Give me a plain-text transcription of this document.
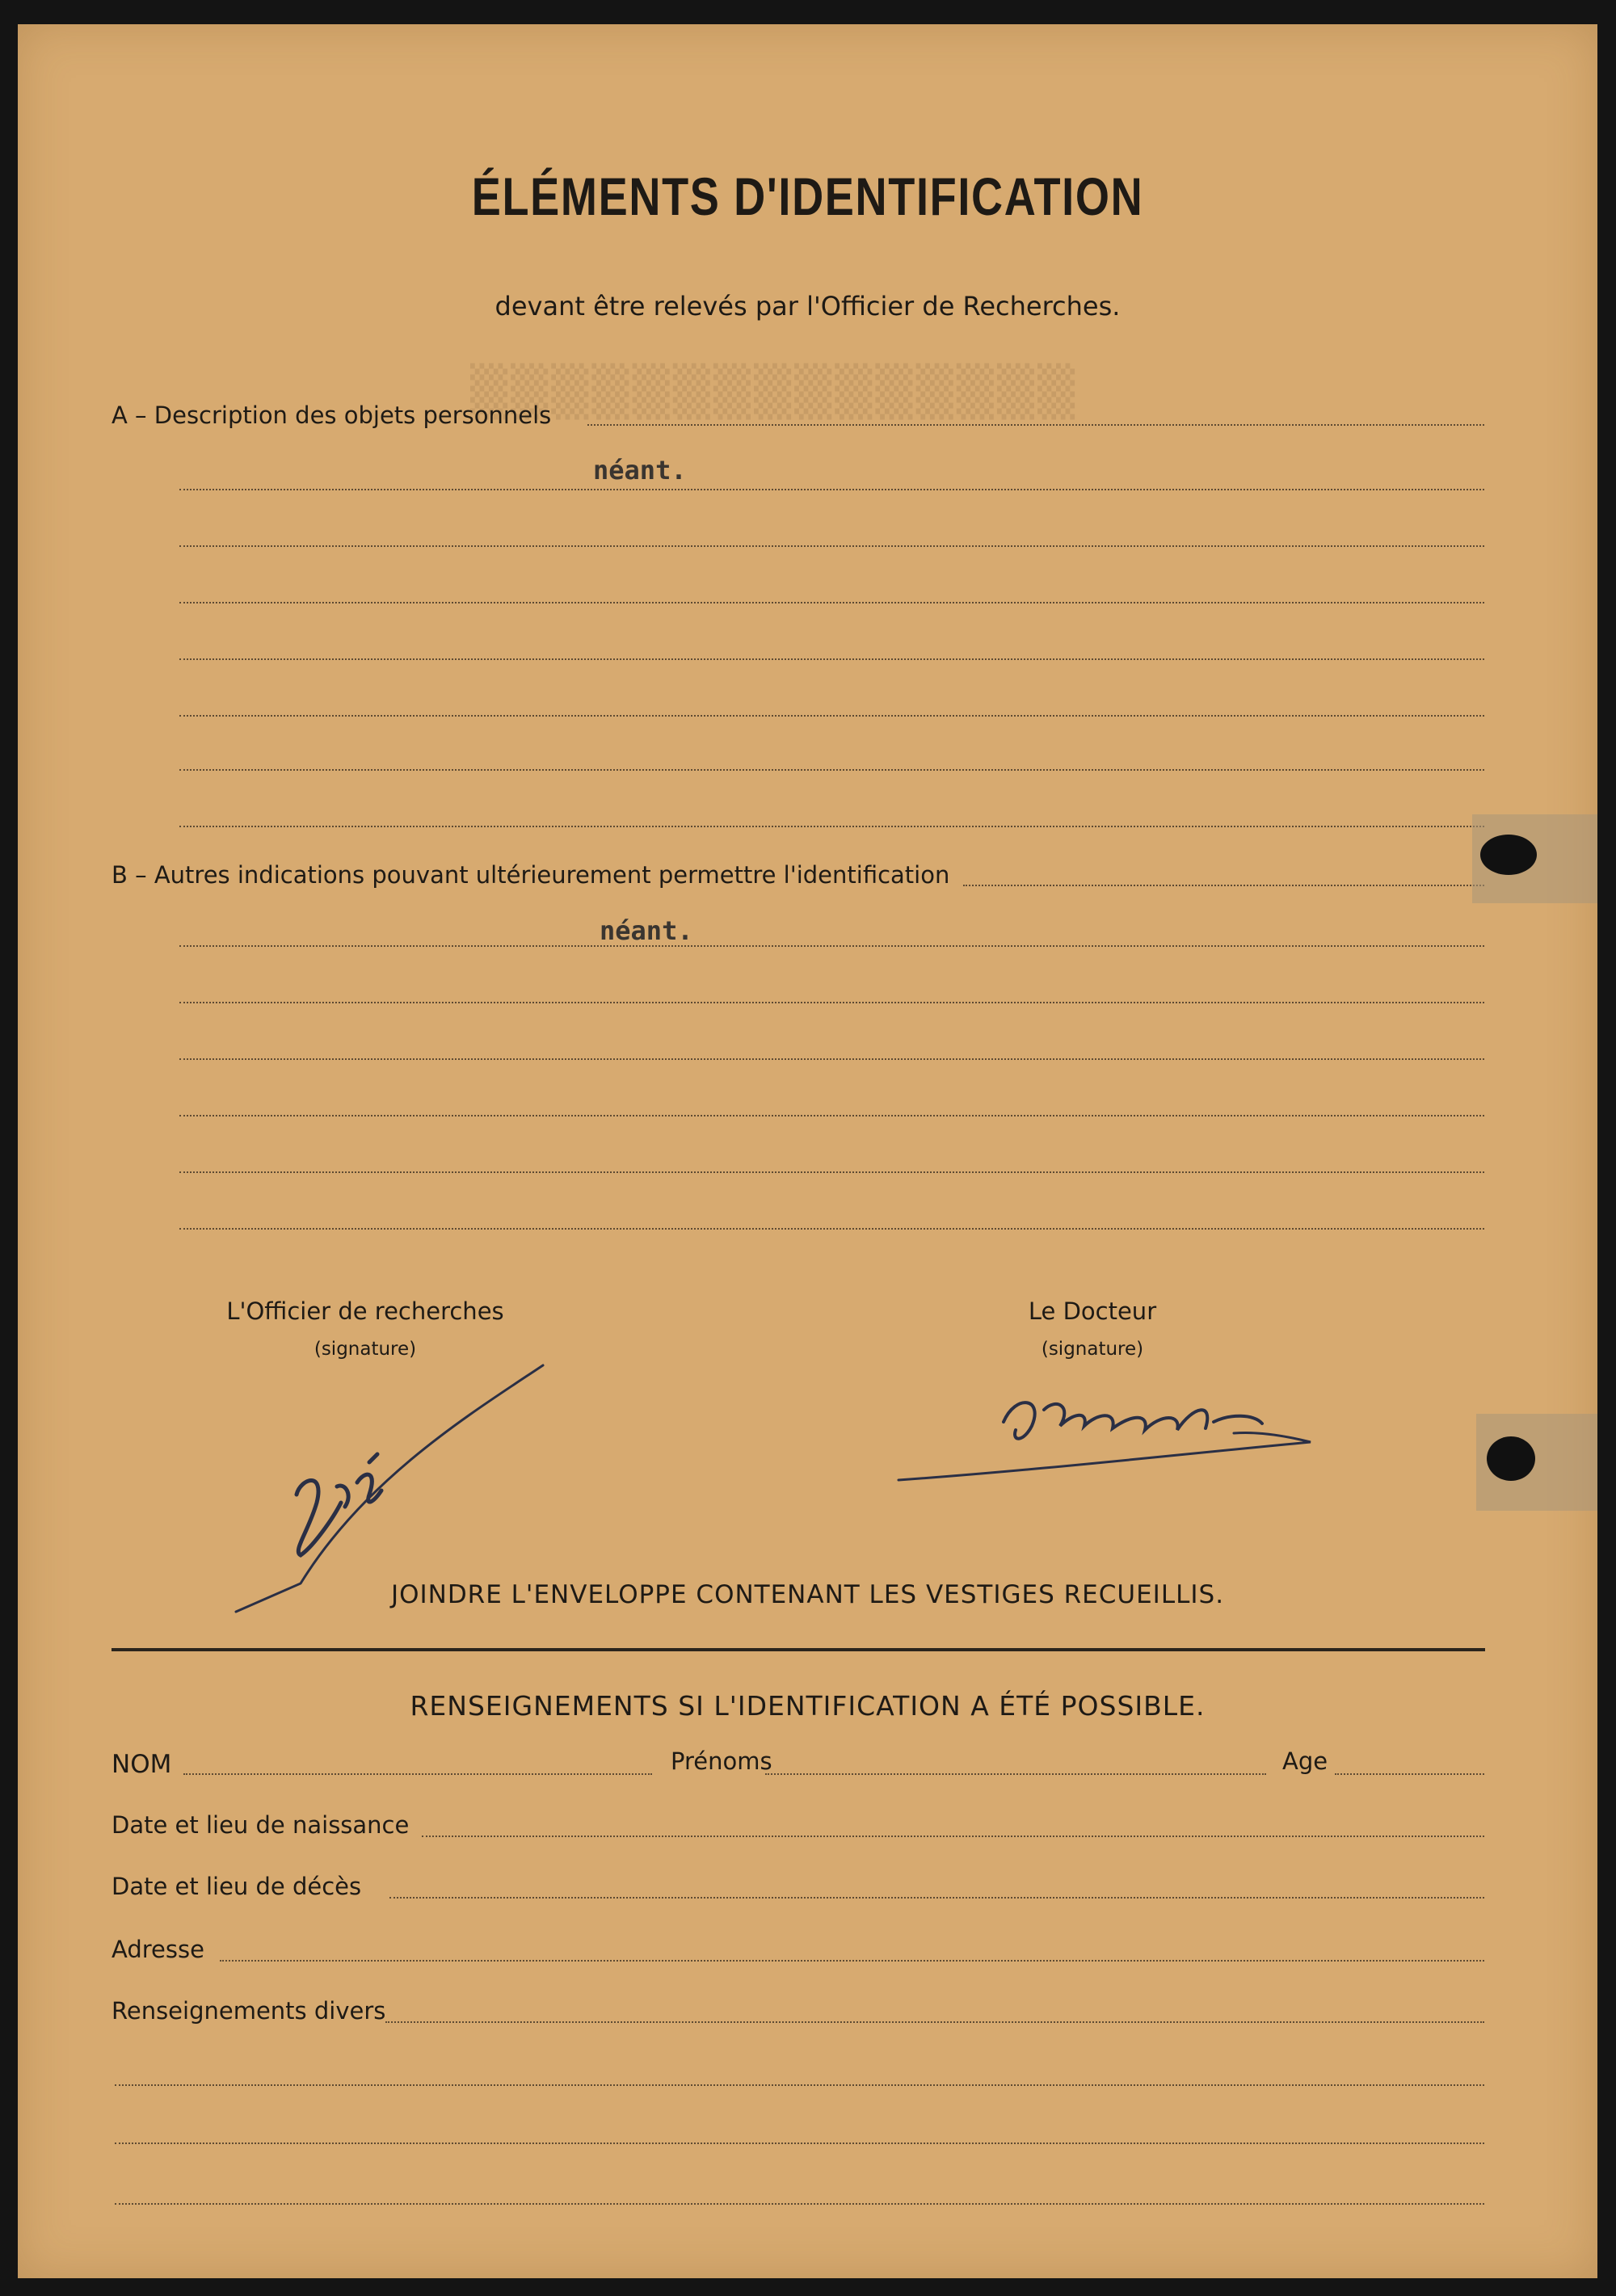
▒▒▒▒▒▒▒▒▒▒▒▒▒▒▒
ÉLÉMENTS D'IDENTIFICATION
devant être relevés par l'Officier de Recherches.
A – Description des objets personnels
néant.
B – Autres indications pouvant ultérieurement permettre l'identification
néant.
L'Officier de recherches
(signature)
Le Docteur
(signature)
JOINDRE L'ENVELOPPE CONTENANT LES VESTIGES RECUEILLIS.
RENSEIGNEMENTS SI L'IDENTIFICATION A ÉTÉ POSSIBLE.
NOM	Prénoms	Age
Date et lieu de naissance
Date et lieu de décès
Adresse
Renseignements divers
